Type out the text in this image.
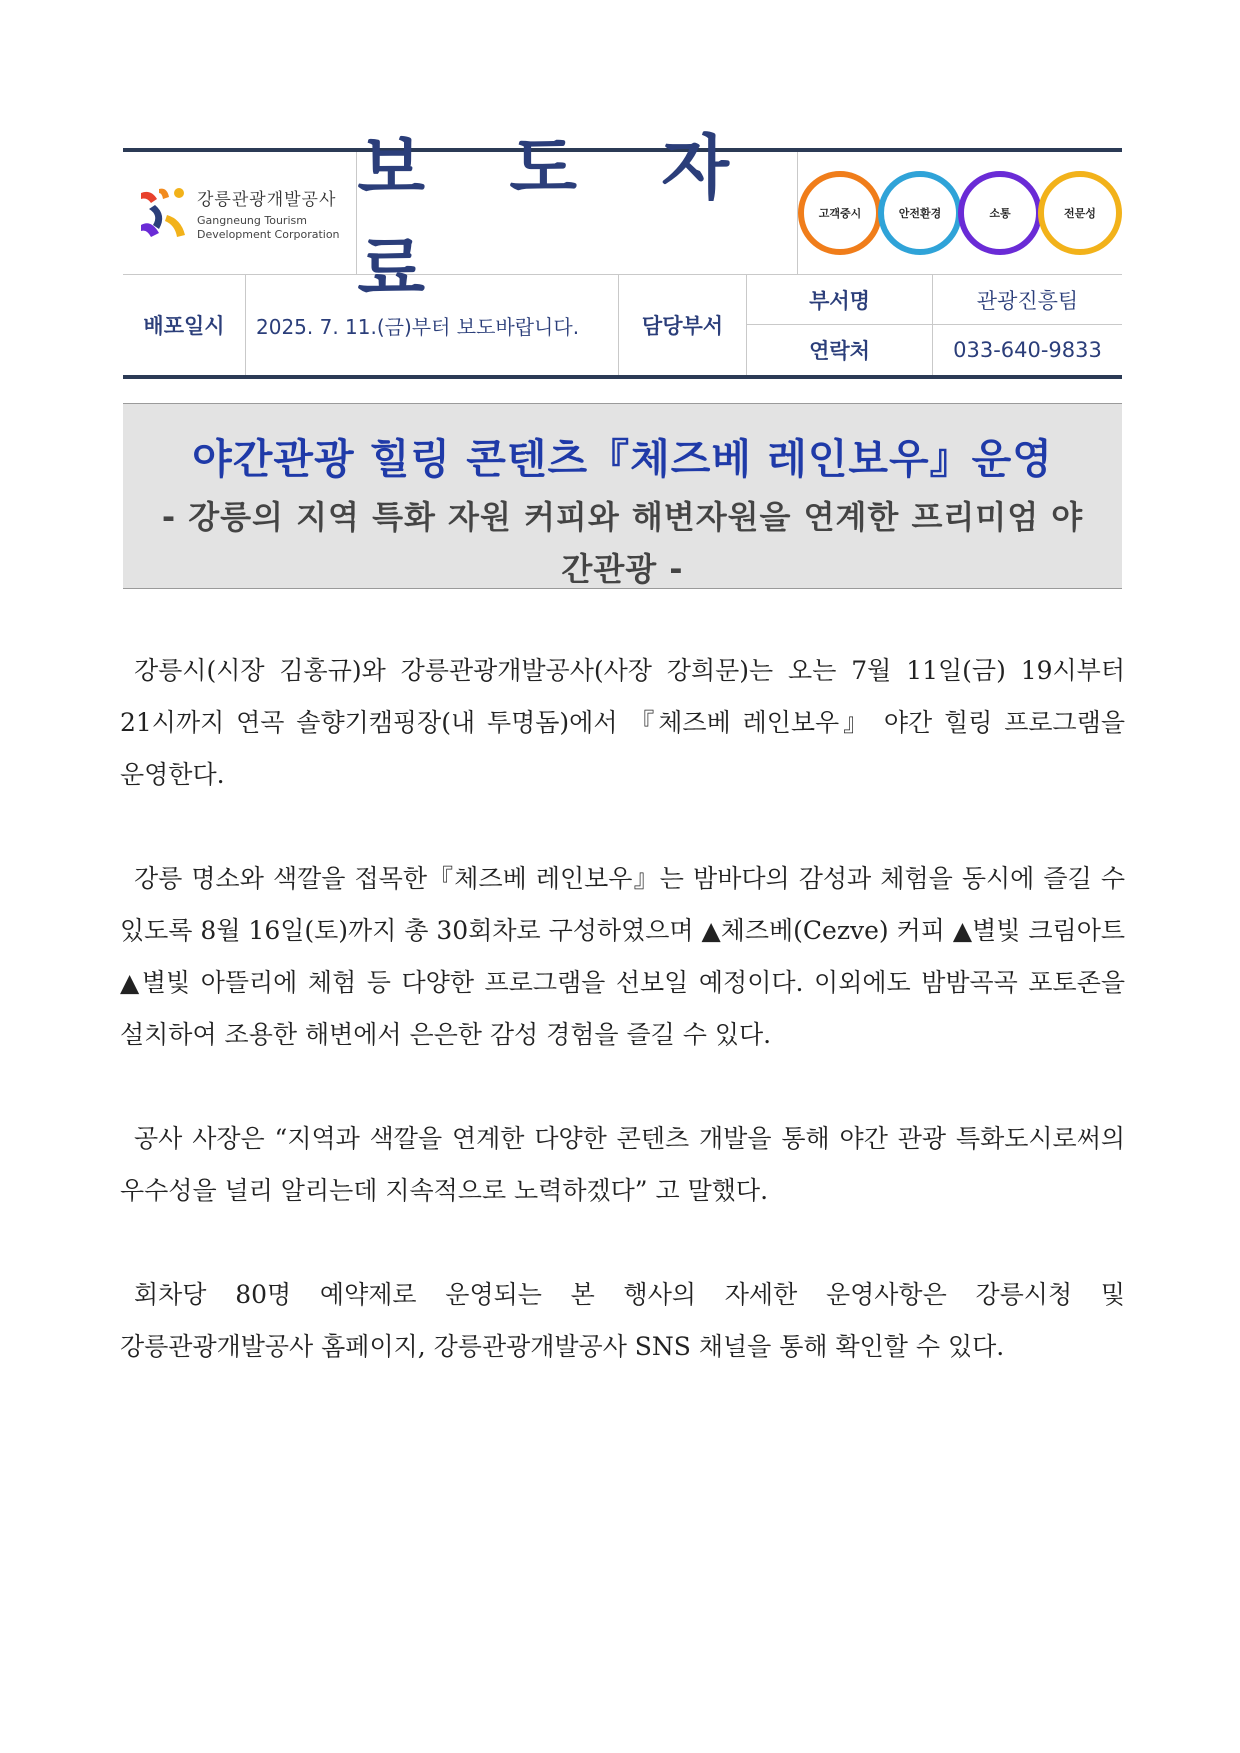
강릉관광개발공사
Gangneung Tourism
Development Corporation
보 도 자 료
고객중시	안전환경	소통	전문성
배포일시	2025. 7. 11.(금)부터 보도바랍니다.	담당부서
부서명	관광진흥팀
연락처	033-640-9833
야간관광 힐링 콘텐츠『체즈베 레인보우』운영
- 강릉의 지역 특화 자원 커피와 해변자원을 연계한 프리미엄 야간관광 -

강릉시(시장 김홍규)와 강릉관광개발공사(사장 강희문)는 오는 7월 11일(금) 19시부터 21시까지 연곡 솔향기캠핑장(내 투명돔)에서 『체즈베 레인보우』 야간 힐링 프로그램을 운영한다.

강릉 명소와 색깔을 접목한『체즈베 레인보우』는 밤바다의 감성과 체험을 동시에 즐길 수 있도록 8월 16일(토)까지 총 30회차로 구성하였으며 ▲체즈베(Cezve) 커피 ▲별빛 크림아트 ▲별빛 아뜰리에 체험 등 다양한 프로그램을 선보일 예정이다. 이외에도 밤밤곡곡 포토존을 설치하여 조용한 해변에서 은은한 감성 경험을 즐길 수 있다.

공사 사장은 “지역과 색깔을 연계한 다양한 콘텐츠 개발을 통해 야간 관광 특화도시로써의 우수성을 널리 알리는데 지속적으로 노력하겠다” 고 말했다.

회차당 80명 예약제로 운영되는 본 행사의 자세한 운영사항은 강릉시청 및 강릉관광개발공사 홈페이지, 강릉관광개발공사 SNS 채널을 통해 확인할 수 있다.
